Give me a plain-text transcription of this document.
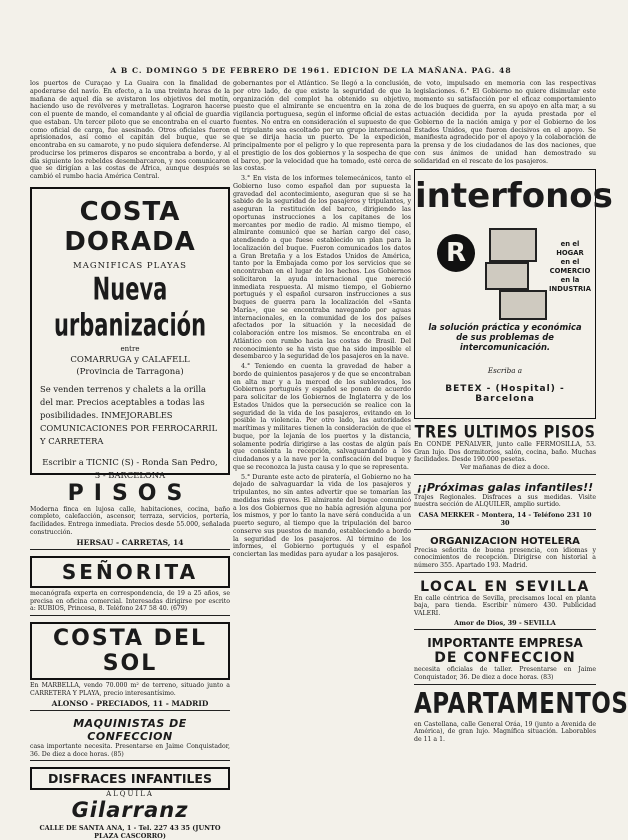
A B C. DOMINGO 5 DE FEBRERO DE 1961. EDICION DE LA MAÑANA. PAG. 48

los puertos de Curaçao y La Guaira con la finalidad de apoderarse del navío. En efecto, a la una treinta horas de la mañana de aquel día se avistaron los objetivos del motín, haciendo uso de revólveres y metralletas. Lograron hacerse con el puente de mando, el comandante y al oficial de guardia que estaban. Un tercer piloto que se encontraba en el cuarto como oficial de carga, fue asesinado. Otros oficiales fueron aprisionados, así como el capitán del buque, que se encontraba en su camarote, y no pudo siquiera defenderse. Al producirse los primeros disparos se encontraba a bordo, y al día siguiente los rebeldes desembarcaron, y nos comunicaron que se dirigían a las costas de África, aunque después se cambió el rumbo hacia América Central.

COSTA DORADA
MAGNIFICAS PLAYAS
Nueva urbanización
entre
COMARRUGA y CALAFELL
(Provincia de Tarragona)
Se venden terrenos y chalets a la orilla del mar. Precios aceptables a todas las posibilidades. INMEJORABLES COMUNICACIONES POR FERROCARRIL Y CARRETERA
Escribir a TICNIC (S) - Ronda San Pedro, 3 - BARCELONA
PISOS
Moderna finca en lujosa calle, habitaciones, cocina, baño completo, calefacción, ascensor, terraza, servicios, portería, facilidades. Entrega inmediata. Precios desde 55.000, señalada construcción.
HERSAU - CARRETAS, 14
SEÑORITA
mecanógrafa experta en correspondencia, de 19 a 25 años, se precisa en oficina comercial. Interesadas dirigirse por escrito a: RUBIOS, Princesa, 8. Teléfono 247 58 40. (679)
COSTA DEL SOL
En MARBELLA, vendo 70.000 m² de terreno, situado junto a CARRETERA Y PLAYA, precio interesantísimo.
ALONSO - PRECIADOS, 11 - MADRID
MAQUINISTAS DE CONFECCION
casa importante necesita. Presentarse en Jaime Conquistador, 36. De diez a doce horas. (85)
DISFRACES INFANTILES
ALQUILA
Gilarranz
CALLE DE SANTA ANA, 1 - Tel. 227 43 35 (JUNTO PLAZA CASCORRO)

gobernantes por el Atlántico. Se llegó a la conclusión, por otro lado, de que existe la seguridad de que la organización del complot ha obtenido su objetivo, puesto que el almirante se encuentra en la zona de vigilancia portuguesa, según el informe oficial de estas fuentes. No entra en consideración el supuesto de que el tripulante sea escoltado por un grupo internacional que se dirija hacia un puerto. De la expedición, principalmente por el peligro y lo que representa para el prestigio de los dos gobiernos y la sospecha de que el barco, por la velocidad que ha tomado, esté cerca de las costas.

3.° En vista de los informes telemecánicos, tanto el Gobierno luso como español dan por supuesta la gravedad del acontecimiento, aseguran que si se ha sabido de la seguridad de los pasajeros y tripulantes, y aseguran la restitución del barco, dirigiendo las oportunas instrucciones a los capitanes de los mercantes por medio de radio. Al mismo tiempo, el almirante comunicó que se harían cargo del caso, atendiendo a que fuese establecido un plan para la localización del buque. Fueron comunicados los datos a Gran Bretaña y a los Estados Unidos de América, tanto por la Embajada como por los servicios que se encontraban en el lugar de los hechos. Los Gobiernos solicitaron la ayuda internacional que mereció inmediata respuesta. Al mismo tiempo, el Gobierno portugués y el español cursaron instrucciones a sus buques de guerra para la localización del «Santa María», que se encontraba navegando por aguas internacionales, en la comunidad de los dos países afectados por la situación y la necesidad de colaboración entre los mismos. Se encontraba en el Atlántico con rumbo hacia las costas de Brasil. Del reconocimiento se ha visto que ha sido imposible el desembarco y la seguridad de los pasajeros en la nave.

4.° Teniendo en cuenta la gravedad de haber a bordo de quinientos pasajeros y de que se encontraban en alta mar y a la merced de los sublevados, los Gobiernos portugués y español se ponen de acuerdo para solicitar de los Gobiernos de Inglaterra y de los Estados Unidos que la persecución se realice con la seguridad de la vida de los pasajeros, evitando en lo posible la violencia. Por otro lado, las autoridades marítimas y militares tienen la consideración de que el buque, por la lejanía de los puertos y la distancia, solamente podría dirigirse a las costas de algún país que consienta la recepción, salvaguardando a los ciudadanos y a la nave por la confiscación del buque y que se reconozca la justa causa y lo que se representa.

5.° Durante este acto de piratería, el Gobierno no ha dejado de salvaguardar la vida de los pasajeros y tripulantes, no sin antes advertir que se tomarían las medidas más graves. El almirante del buque comunicó a los dos Gobiernos que no había agresión alguna por los mismos, y por lo tanto la nave será conducida a un puerto seguro, al tiempo que la tripulación del barco conserve sus puestos de mando, estableciendo a bordo la seguridad de los pasajeros. Al término de los informes, el Gobierno portugués y el español conciertan las medidas para ayudar a los pasajeros.

de voto, impulsado en memoria con las respectivas legislaciones. 6.° El Gobierno no quiere disimular este momento su satisfacción por el eficaz comportamiento de los buques de guerra, en su apoyo en alta mar, a su actuación decidida por la ayuda prestada por el Gobierno de la nación amiga y por el Gobierno de los Estados Unidos, que fueron decisivos en el apoyo. Se manifiesta agradecido por el apoyo y la colaboración de la prensa y de los ciudadanos de las dos naciones, que con sus ánimos de unidad han demostrado su solidaridad en el rescate de los pasajeros.

interfonos
R	en el
HOGAR
en el
COMERCIO
en la
INDUSTRIA
la solución práctica y económica de sus problemas de intercomunicación.
Escriba a
BETEX - (Hospital) - Barcelona
TRES ULTIMOS PISOS
En CONDE PEÑALVER, junto calle FERMOSILLA, 53. Gran lujo. Dos dormitorios, salón, cocina, baño. Muchas facilidades. Desde 190.000 pesetas.
Ver mañanas de diez a doce.
¡¡Próximas galas infantiles!!
Trajes Regionales. Disfraces a sus medidas. Visite nuestra sección de ALQUILER, amplio surtido.
CASA MERKER - Montera, 14 - Teléfono 231 10 30
ORGANIZACION HOTELERA
Precisa señorita de buena presencia, con idiomas y conocimientos de recepción. Dirigirse con historial a número 355. Apartado 193. Madrid.
LOCAL EN SEVILLA
En calle céntrica de Sevilla, precisamos local en planta baja, para tienda. Escribir número 430. Publicidad VALERI.
Amor de Dios, 39 - SEVILLA
IMPORTANTE EMPRESA
DE CONFECCION
necesita oficialas de taller. Presentarse en Jaime Conquistador, 36. De diez a doce horas. (83)
APARTAMENTOS
en Castellana, calle General Oráa, 19 (junto a Avenida de América), de gran lujo. Magnífica situación. Laborables de 11 a 1.
